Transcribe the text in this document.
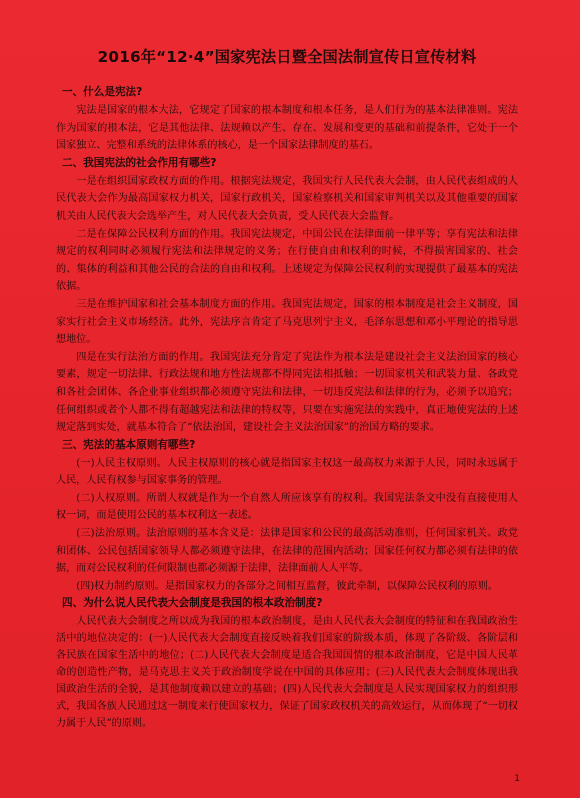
2016年“12·4”国家宪法日暨全国法制宣传日宣传材料
一、什么是宪法?

宪法是国家的根本大法，它规定了国家的根本制度和根本任务，是人们行为的基本法律准则。宪法作为国家的根本法，它是其他法律、法规赖以产生、存在、发展和变更的基础和前提条件，它处于一个国家独立、完整和系统的法律体系的核心，是一个国家法律制度的基石。

二、我国宪法的社会作用有哪些?

一是在组织国家政权方面的作用。根据宪法规定，我国实行人民代表大会制，由人民代表组成的人民代表大会作为最高国家权力机关，国家行政机关，国家检察机关和国家审判机关以及其他重要的国家机关由人民代表大会选举产生，对人民代表大会负责，受人民代表大会监督。

二是在保障公民权利方面的作用。我国宪法规定，中国公民在法律面前一律平等；享有宪法和法律规定的权利同时必须履行宪法和法律规定的义务；在行使自由和权利的时候，不得损害国家的、社会的、集体的利益和其他公民的合法的自由和权利。上述规定为保障公民权利的实现提供了最基本的宪法依据。

三是在维护国家和社会基本制度方面的作用。我国宪法规定，国家的根本制度是社会主义制度，国家实行社会主义市场经济。此外，宪法序言肯定了马克思列宁主义，毛泽东思想和邓小平理论的指导思想地位。

四是在实行法治方面的作用。我国宪法充分肯定了宪法作为根本法是建设社会主义法治国家的核心要素，规定一切法律、行政法规和地方性法规都不得同宪法相抵触；一切国家机关和武装力量、各政党和各社会团体、各企业事业组织都必须遵守宪法和法律，一切违反宪法和法律的行为，必须予以追究；任何组织或者个人都不得有超越宪法和法律的特权等，只要在实施宪法的实践中，真正地使宪法的上述规定落到实处，就基本符合了“依法治国，建设社会主义法治国家”的治国方略的要求。

三、宪法的基本原则有哪些?

(一)人民主权原则。人民主权原则的核心就是指国家主权这一最高权力来源于人民，同时永远属于人民，人民有权参与国家事务的管理。

(二)人权原则。所谓人权就是作为一个自然人所应该享有的权利。我国宪法条文中没有直接使用人权一词，而是使用公民的基本权利这一表述。

(三)法治原则。法治原则的基本含义是：法律是国家和公民的最高活动准则，任何国家机关、政党和团体、公民包括国家领导人都必须遵守法律，在法律的范围内活动；国家任何权力都必须有法律的依据，而对公民权利的任何限制也都必须源于法律，法律面前人人平等。

(四)权力制约原则。是指国家权力的各部分之间相互监督，彼此牵制，以保障公民权利的原则。

四、为什么说人民代表大会制度是我国的根本政治制度?

人民代表大会制度之所以成为我国的根本政治制度，是由人民代表大会制度的特征和在我国政治生活中的地位决定的：(一)人民代表大会制度直接反映着我们国家的阶级本质，体现了各阶级、各阶层和各民族在国家生活中的地位；(二)人民代表大会制度是适合我国国情的根本政治制度，它是中国人民革命的创造性产物，是马克思主义关于政治制度学说在中国的具体应用；(三)人民代表大会制度体现出我国政治生活的全貌，是其他制度赖以建立的基础；(四)人民代表大会制度是人民实现国家权力的组织形式，我国各族人民通过这一制度来行使国家权力，保证了国家政权机关的高效运行，从而体现了“一切权力属于人民”的原则。

1
